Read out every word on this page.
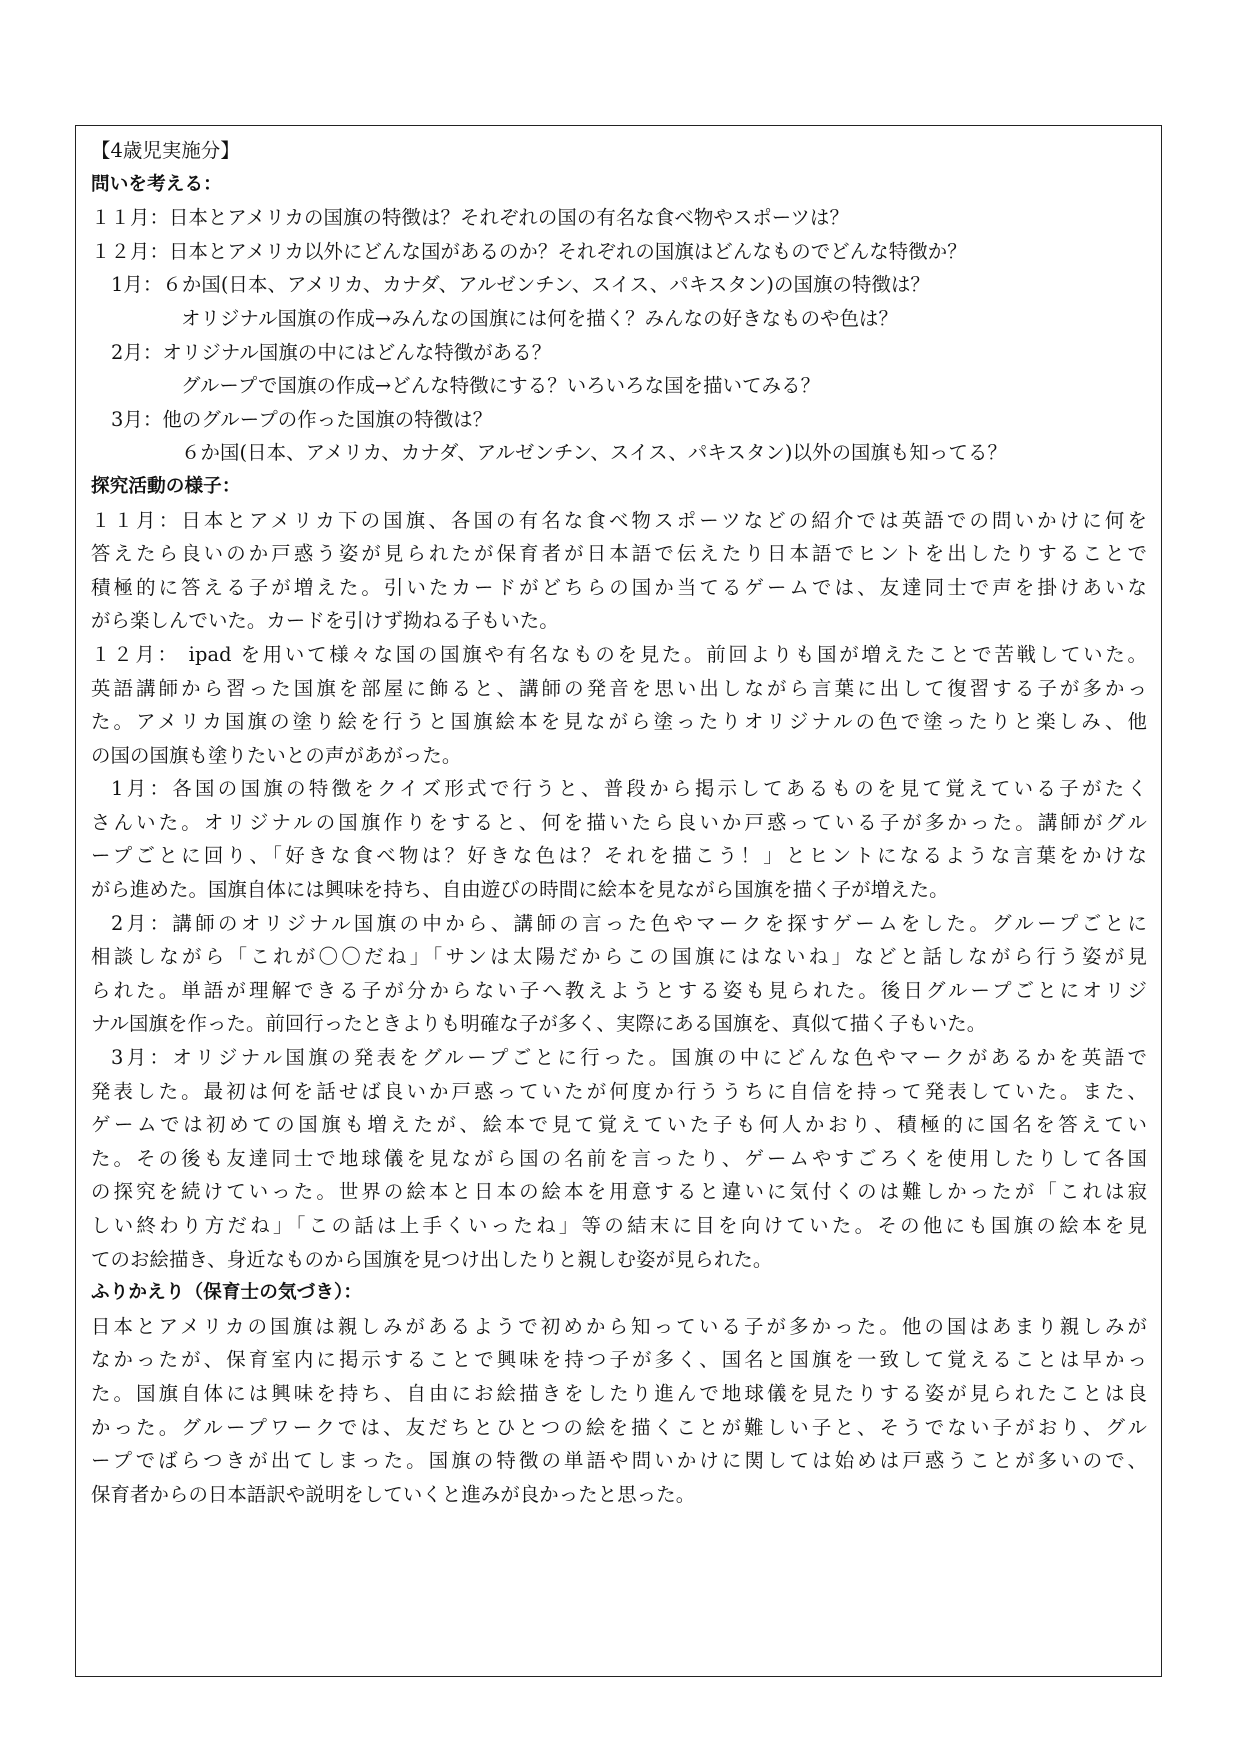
【4歳児実施分】
問いを考える：
１１月：日本とアメリカの国旗の特徴は？それぞれの国の有名な食べ物やスポーツは？
１２月：日本とアメリカ以外にどんな国があるのか？それぞれの国旗はどんなものでどんな特徴か？
1月：６か国(日本、アメリカ、カナダ、アルゼンチン、スイス、パキスタン)の国旗の特徴は？
オリジナル国旗の作成→みんなの国旗には何を描く？みんなの好きなものや色は？
2月：オリジナル国旗の中にはどんな特徴がある？
グループで国旗の作成→どんな特徴にする？いろいろな国を描いてみる？
3月：他のグループの作った国旗の特徴は？
６か国(日本、アメリカ、カナダ、アルゼンチン、スイス、パキスタン)以外の国旗も知ってる？
探究活動の様子：
１１月：日本とアメリカ下の国旗、各国の有名な食べ物スポーツなどの紹介では英語での問いかけに何を
答えたら良いのか戸惑う姿が見られたが保育者が日本語で伝えたり日本語でヒントを出したりすることで
積極的に答える子が増えた。引いたカードがどちらの国か当てるゲームでは、友達同士で声を掛けあいな
がら楽しんでいた。カードを引けず拗ねる子もいた。
１２月： ipad を用いて様々な国の国旗や有名なものを見た。前回よりも国が増えたことで苦戦していた。
英語講師から習った国旗を部屋に飾ると、講師の発音を思い出しながら言葉に出して復習する子が多かっ
た。アメリカ国旗の塗り絵を行うと国旗絵本を見ながら塗ったりオリジナルの色で塗ったりと楽しみ、他
の国の国旗も塗りたいとの声があがった。
1月：各国の国旗の特徴をクイズ形式で行うと、普段から掲示してあるものを見て覚えている子がたく
さんいた。オリジナルの国旗作りをすると、何を描いたら良いか戸惑っている子が多かった。講師がグル
ープごとに回り、「好きな食べ物は？好きな色は？それを描こう！」とヒントになるような言葉をかけな
がら進めた。国旗自体には興味を持ち、自由遊びの時間に絵本を見ながら国旗を描く子が増えた。
2月：講師のオリジナル国旗の中から、講師の言った色やマークを探すゲームをした。グループごとに
相談しながら「これが〇〇だね」「サンは太陽だからこの国旗にはないね」などと話しながら行う姿が見
られた。単語が理解できる子が分からない子へ教えようとする姿も見られた。後日グループごとにオリジ
ナル国旗を作った。前回行ったときよりも明確な子が多く、実際にある国旗を、真似て描く子もいた。
3月：オリジナル国旗の発表をグループごとに行った。国旗の中にどんな色やマークがあるかを英語で
発表した。最初は何を話せば良いか戸惑っていたが何度か行ううちに自信を持って発表していた。また、
ゲームでは初めての国旗も増えたが、絵本で見て覚えていた子も何人かおり、積極的に国名を答えてい
た。その後も友達同士で地球儀を見ながら国の名前を言ったり、ゲームやすごろくを使用したりして各国
の探究を続けていった。世界の絵本と日本の絵本を用意すると違いに気付くのは難しかったが「これは寂
しい終わり方だね」「この話は上手くいったね」等の結末に目を向けていた。その他にも国旗の絵本を見
てのお絵描き、身近なものから国旗を見つけ出したりと親しむ姿が見られた。
ふりかえり（保育士の気づき）：
日本とアメリカの国旗は親しみがあるようで初めから知っている子が多かった。他の国はあまり親しみが
なかったが、保育室内に掲示することで興味を持つ子が多く、国名と国旗を一致して覚えることは早かっ
た。国旗自体には興味を持ち、自由にお絵描きをしたり進んで地球儀を見たりする姿が見られたことは良
かった。グループワークでは、友だちとひとつの絵を描くことが難しい子と、そうでない子がおり、グル
ープでばらつきが出てしまった。国旗の特徴の単語や問いかけに関しては始めは戸惑うことが多いので、
保育者からの日本語訳や説明をしていくと進みが良かったと思った。
